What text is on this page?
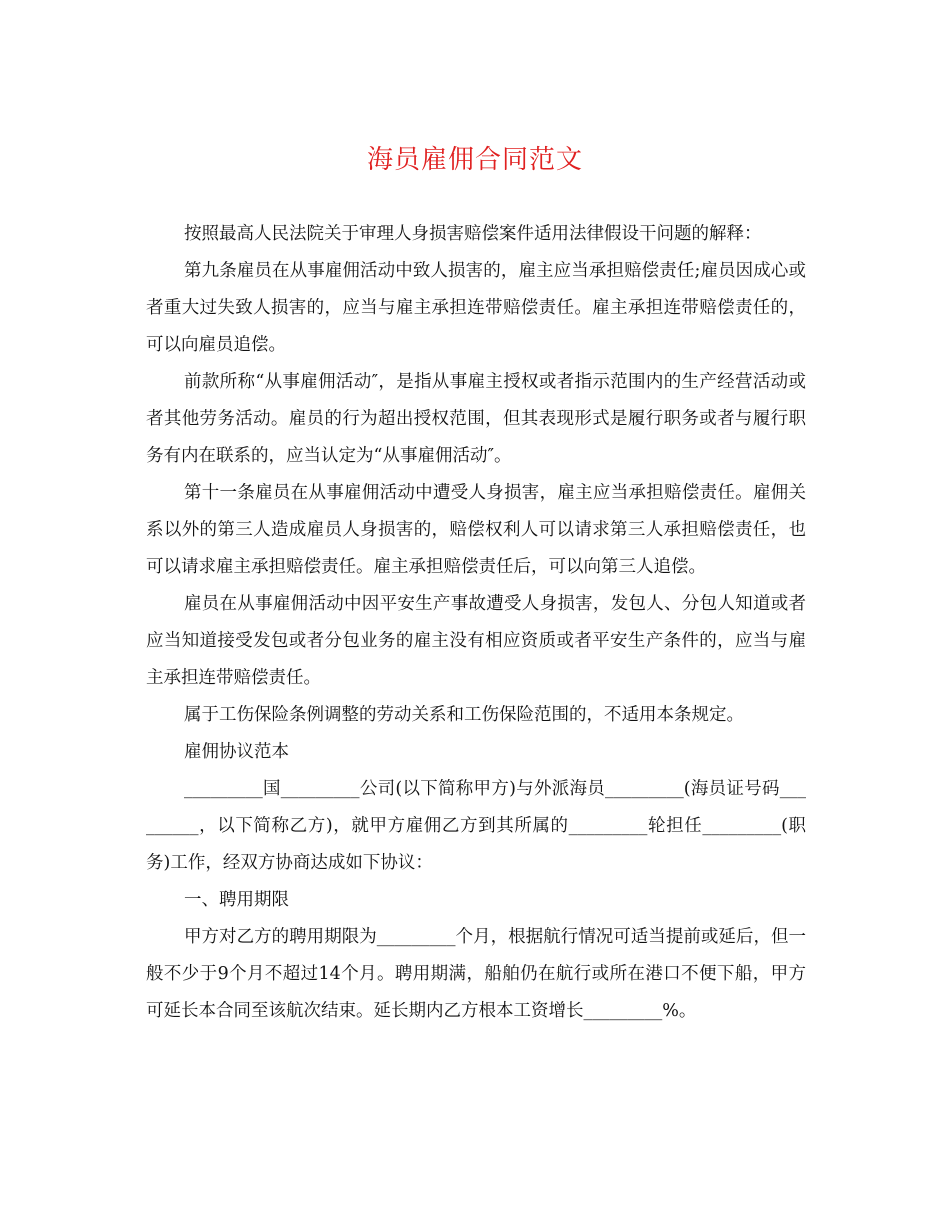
海员雇佣合同范文

按照最高人民法院关于审理人身损害赔偿案件适用法律假设干问题的解释：

第九条雇员在从事雇佣活动中致人损害的，雇主应当承担赔偿责任;雇员因成心或者重大过失致人损害的，应当与雇主承担连带赔偿责任。雇主承担连带赔偿责任的，可以向雇员追偿。

前款所称“从事雇佣活动″，是指从事雇主授权或者指示范围内的生产经营活动或者其他劳务活动。雇员的行为超出授权范围，但其表现形式是履行职务或者与履行职务有内在联系的，应当认定为“从事雇佣活动″。

第十一条雇员在从事雇佣活动中遭受人身损害，雇主应当承担赔偿责任。雇佣关系以外的第三人造成雇员人身损害的，赔偿权利人可以请求第三人承担赔偿责任，也可以请求雇主承担赔偿责任。雇主承担赔偿责任后，可以向第三人追偿。

雇员在从事雇佣活动中因平安生产事故遭受人身损害，发包人、分包人知道或者应当知道接受发包或者分包业务的雇主没有相应资质或者平安生产条件的，应当与雇主承担连带赔偿责任。

属于工伤保险条例调整的劳动关系和工伤保险范围的，不适用本条规定。

雇佣协议范本

_________国_________公司(以下简称甲方)与外派海员_________(海员证号码_________，以下简称乙方)，就甲方雇佣乙方到其所属的_________轮担任_________(职务)工作，经双方协商达成如下协议：

一、聘用期限

甲方对乙方的聘用期限为_________个月，根据航行情况可适当提前或延后，但一般不少于9个月不超过14个月。聘用期满，船舶仍在航行或所在港口不便下船，甲方可延长本合同至该航次结束。延长期内乙方根本工资增长_________%。
